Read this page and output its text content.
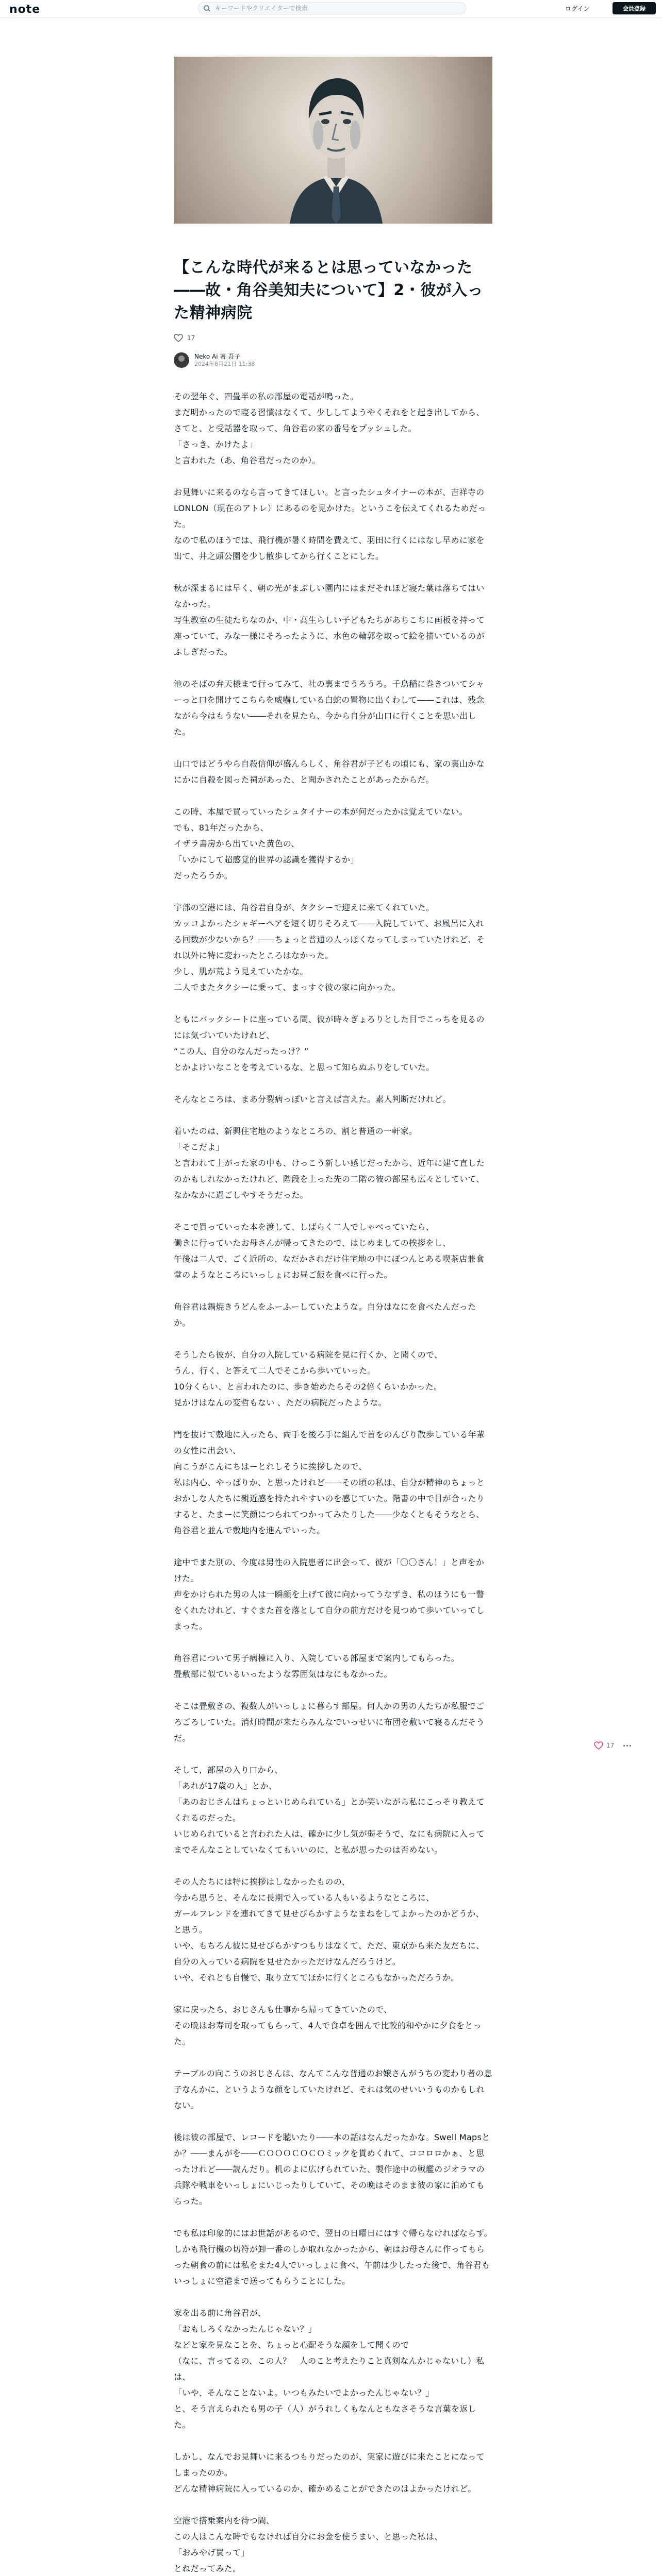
note
キーワードやクリエイターで検索	ログイン	会員登録
【こんな時代が来るとは思っていなかった――故・角谷美知夫について】2・彼が入った精神病院
17
Neko Ai 著 吾子
2024年8月21日 11:38

その翌年ぐ、四畳半の私の部屋の電話が鳴った。
まだ明かったので寝る習慣はなくて、少ししてようやくそれをと起き出してから、さてと、と受話器を取って、角谷君の家の番号をプッシュした。
「さっき、かけたよ」
と言われた（あ、角谷君だったのか）。

お見舞いに来るのなら言ってきてほしい。と言ったシュタイナーの本が、吉祥寺のLONLON（現在のアトレ）にあるのを見かけた。というこを伝えてくれるためだった。
なので私のほうでは、飛行機が暑く時間を費えて、羽田に行くにはなし早めに家を出て、井之頭公園を少し散歩してから行くことにした。

秋が深まるには早く、朝の光がまぶしい園内にはまだそれほど寝た葉は落ちてはいなかった。
写生教室の生徒たちなのか、中・高生らしい子どもたちがあちこちに画板を持って座っていて、みな一様にそろったように、水色の輪郭を取って絵を描いているのがふしぎだった。

池のそばの弁天様まで行ってみて、社の裏までうろうろ。千鳥稲に巻きついてシャーっと口を開けてこちらを威嚇している白蛇の置物に出くわして――これは、残念ながら今はもうない――それを見たら、今から自分が山口に行くことを思い出した。

山口ではどうやら自殺信仰が盛んらしく、角谷君が子どもの頃にも、家の裏山かなにかに自殺を図った祠があった、と聞かされたことがあったからだ。

この時、本屋で買っていったシュタイナーの本が何だったかは覚えていない。
でも、81年だったから、
イザラ書房から出ていた黄色の、
「いかにして超感覚的世界の認識を獲得するか」
だったろうか。

宇部の空港には、角谷君自身が、タクシーで迎えに来てくれていた。
カッコよかったシャギーヘアを短く切りそろえて――入院していて、お風呂に入れる回数が少ないから？――ちょっと普通の人っぽくなってしまっていたけれど、それ以外に特に変わったところはなかった。
少し、肌が荒よう見えていたかな。
二人でまたタクシーに乗って、まっすぐ彼の家に向かった。

ともにバックシートに座っている間、彼が時々ぎょろりとした目でこっちを見るのには気づいていたけれど、
“この人、自分のなんだったっけ？”
とかよけいなことを考えているな、と思って知らぬふりをしていた。

そんなところは、まあ分裂病っぽいと言えば言えた。素人判断だけれど。

着いたのは、新興住宅地のようなところの、割と普通の一軒家。
「そこだよ」
と言われて上がった家の中も、けっこう新しい感じだったから、近年に建て直したのかもしれなかったけれど、階段を上った先の二階の彼の部屋も広々としていて、なかなかに過ごしやすそうだった。

そこで買っていった本を渡して、しばらく二人でしゃべっていたら、
働きに行っていたお母さんが帰ってきたので、はじめましての挨拶をし、
午後は二人で、ごく近所の、なだかされだけ住宅地の中にぽつんとある喫茶店兼食堂のようなところにいっしょにお昼ご飯を食べに行った。

角谷君は鍋焼きうどんをふーふーしていたような。自分はなにを食べたんだったか。

そうしたら彼が、自分の入院している病院を見に行くか、と聞くので、
うん、行く、と答えて二人でそこから歩いていった。
10分くらい、と言われたのに、歩き始めたらその2倍くらいかかった。
見かけはなんの変哲もない 、ただの病院だったような。

門を抜けて敷地に入ったら、両手を後ろ手に組んで首をのんびり散歩している年輩の女性に出会い、
向こうがこんにちはーとれしそうに挨拶したので、
私は内心、やっぱりか、と思ったけれど――その頃の私は、自分が精神のちょっとおかしな人たちに親近感を持たれやすいのを感じていた。階書の中で目が合ったりすると、たまーに笑顔につられてつかってみたりした――少なくともそうなとら、角谷君と並んで敷地内を進んでいった。

途中でまた別の、今度は男性の入院患者に出会って、彼が「〇〇さん！」と声をかけた。
声をかけられた男の人は一瞬顔を上げて彼に向かってうなずき、私のほうにも一瞥をくれたけれど、すぐまた首を落として自分の前方だけを見つめて歩いていってしまった。

角谷君について男子病棟に入り、入院している部屋まで案内してもらった。
畳敷部に似ているいったような雰囲気はなにもなかった。

そこは畳敷きの、複数人がいっしょに暮らす部屋。何人かの男の人たちが私服でごろごろしていた。消灯時間が来たらみんなでいっせいに布団を敷いて寝るんだそうだ。

そして、部屋の入り口から、
「あれが17歳の人」とか、
「あのおじさんはちょっといじめられている」とか笑いながら私にこっそり教えてくれるのだった。
いじめられていると言われた人は、確かに少し気が弱そうで、なにも病院に入ってまでそんなことしていなくてもいいのに、と私が思ったのは否めない。

その人たちには特に挨拶はしなかったものの、
今から思うと、そんなに長期で入っている人もいるようなところに、
ガールフレンドを連れてきて見せびらかすようなまねをしてよかったのかどうか、と思う。
いや、もちろん彼に見せびらかすつもりはなくて、ただ、東京から来た友だちに、自分の入っている病院を見せたかっただけなんだろうけど。
いや、それとも自慢で、取り立ててほかに行くところもなかっただろうか。

家に戻ったら、おじさんも仕事から帰ってきていたので、
その晩はお寿司を取ってもらって、4人で食卓を囲んで比較的和やかに夕食をとった。

テーブルの向こうのおじさんは、なんてこんな普通のお嬢さんがうちの変わり者の息子なんかに、というような顔をしていたけれど、それは気のせいいうものかもしれない。

後は彼の部屋で、レコードを聴いたり――本の話はなんだったかな。Swell Mapsとか？――まんがを――ＣＯＯＯＣＯＣＯミックを貰めくれて、ココロロかぁ、と思ったけれど――読んだり。机のよに広げられていた、製作途中の戦艦のジオラマの兵隊や戦車をいっしょにいじったりしていて、その晩はそのまま彼の家に泊めてもらった。

でも私は印象的にはお世話があるので、翌日の日曜日にはすぐ帰らなければならず。しかも飛行機の切符が卸一番のしか取れなかったから、朝はお母さんに作ってもらった朝食の前には私をまた4人でいっしょに食べ、午前は少したった後で、角谷君もいっしょに空港まで送ってもらうことにした。

家を出る前に角谷君が、
「おもしろくなかったんじゃない？」
などと家を見なことを、ちょっと心配そうな顔をして聞くので
（なに、言ってるの、この人？　人のこと考えたりこと真剣なんかじゃないし）私は、
「いや、そんなことないよ。いつもみたいでよかったんじゃない？」
と、そう言えられたも男の子（人）がうれしくもなんともなさそうな言葉を返した。

しかし、なんでお見舞いに来るつもりだったのが、実家に遊びに来たことになってしまったのか。
どんな精神病院に入っているのか、確かめることができたのはよかったけれど。

空港で搭乗案内を待つ間、
この人はこんな時でもなければ自分にお金を使うまい、と思った私は、
「おみやげ買って」
とねだってみた。

17
